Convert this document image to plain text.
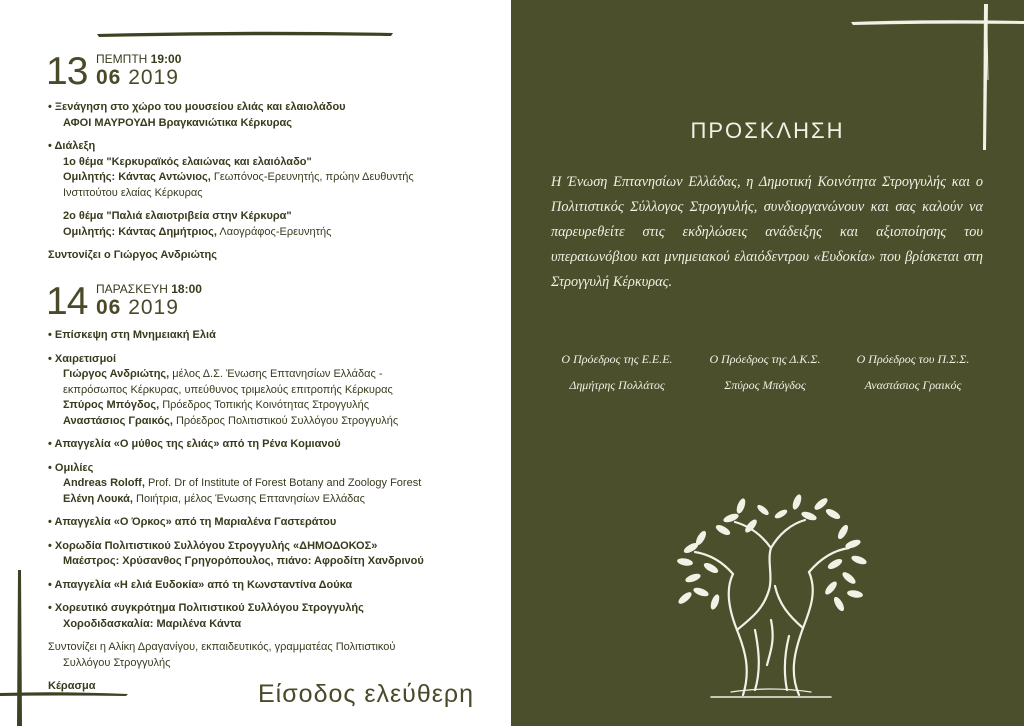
13 ΠΕΜΠΤΗ 19:00
06 2019

• Ξενάγηση στο χώρο του μουσείου ελιάς και ελαιολάδου

ΑΦΟΙ ΜΑΥΡΟΥΔΗ Βραγκανιώτικα Κέρκυρας

• Διάλεξη

1ο θέμα "Κερκυραϊκός ελαιώνας και ελαιόλαδο"

Ομιλητής: Κάντας Αντώνιος, Γεωπόνος-Ερευνητής, πρώην Δευθυντής

Ινστιτούτου ελαίας Κέρκυρας

2ο θέμα "Παλιά ελαιοτριβεία στην Κέρκυρα"

Ομιλητής: Κάντας Δημήτριος, Λαογράφος-Ερευνητής

Συντονίζει ο Γιώργος Ανδριώτης

14 ΠΑΡΑΣΚΕΥΗ 18:00
06 2019

• Επίσκεψη στη Μνημειακή Ελιά

• Χαιρετισμοί

Γιώργος Ανδριώτης, μέλος Δ.Σ. Ένωσης Επτανησίων Ελλάδας -

εκπρόσωπος Κέρκυρας, υπεύθυνος τριμελούς επιτροπής Κέρκυρας

Σπύρος Μπόγδος, Πρόεδρος Τοπικής Κοινότητας Στρογγυλής

Αναστάσιος Γραικός, Πρόεδρος Πολιτιστικού Συλλόγου Στρογγυλής

• Απαγγελία «Ο μύθος της ελιάς» από τη Ρένα Κομιανού

• Ομιλίες

Andreas Roloff, Prof. Dr of Institute of Forest Botany and Zoology Forest

Ελένη Λουκά, Ποιήτρια, μέλος Ένωσης Επτανησίων Ελλάδας

• Απαγγελία «Ο Όρκος» από τη Μαριαλένα Γαστεράτου

• Χορωδία Πολιτιστικού Συλλόγου Στρογγυλής «ΔΗΜΟΔΟΚΟΣ»

Μαέστρος: Χρύσανθος Γρηγορόπουλος, πιάνο: Αφροδίτη Χανδρινού

• Απαγγελία «Η ελιά Ευδοκία» από τη Κωνσταντίνα Δούκα

• Χορευτικό συγκρότημα Πολιτιστικού Συλλόγου Στρογγυλής

Χοροδιδασκαλία: Μαριλένα Κάντα

Συντονίζει η Αλίκη Δραγανίγου, εκπαιδευτικός, γραμματέας Πολιτιστικού

Συλλόγου Στρογγυλής

Κέρασμα	Είσοδος ελεύθερη
ΠΡΟΣΚΛΗΣΗ
Η Ένωση Επτανησίων Ελλάδας, η Δημοτική Κοινότητα Στρογγυλής και ο Πολιτιστικός Σύλλογος Στρογγυλής, συνδιοργανώνουν και σας καλούν να παρευρεθείτε στις εκδηλώσεις ανάδειξης και αξιοποίησης του υπεραιωνόβιου και μνημειακού ελαιόδεντρου «Ευδοκία» που βρίσκεται στη Στρογγυλή Κέρκυρας.
Ο Πρόεδρος της Ε.Ε.Ε.
Δημήτρης Πολλάτος
Ο Πρόεδρος της Δ.Κ.Σ.
Σπύρος Μπόγδος
Ο Πρόεδρος του Π.Σ.Σ.
Αναστάσιος Γραικός
